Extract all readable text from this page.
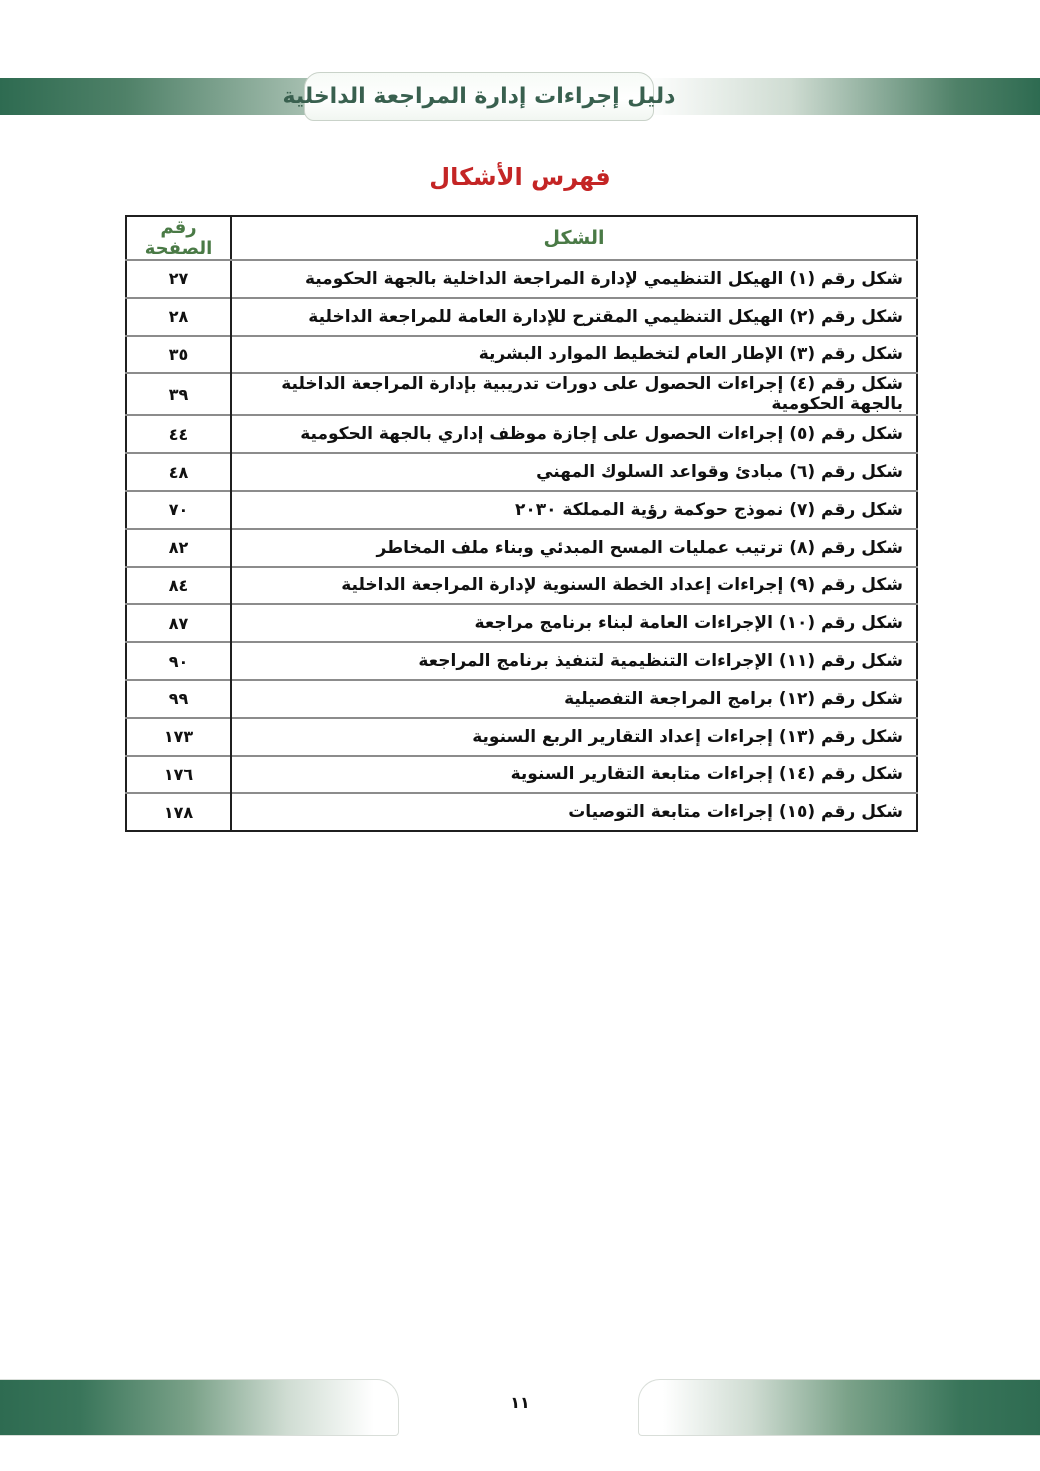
دليل إجراءات إدارة المراجعة الداخلية
فهرس الأشكال
الشكل	رقم الصفحة
شكل رقم (١) الهيكل التنظيمي لإدارة المراجعة الداخلية بالجهة الحكومية	٢٧
شكل رقم (٢) الهيكل التنظيمي المقترح للإدارة العامة للمراجعة الداخلية	٢٨
شكل رقم (٣) الإطار العام لتخطيط الموارد البشرية	٣٥
شكل رقم (٤) إجراءات الحصول على دورات تدريبية بإدارة المراجعة الداخلية بالجهة الحكومية	٣٩
شكل رقم (٥) إجراءات الحصول على إجازة موظف إداري بالجهة الحكومية	٤٤
شكل رقم (٦) مبادئ وقواعد السلوك المهني	٤٨
شكل رقم (٧) نموذج حوكمة رؤية المملكة ٢٠٣٠	٧٠
شكل رقم (٨) ترتيب عمليات المسح المبدئي وبناء ملف المخاطر	٨٢
شكل رقم (٩) إجراءات إعداد الخطة السنوية لإدارة المراجعة الداخلية	٨٤
شكل رقم (١٠) الإجراءات العامة لبناء برنامج مراجعة	٨٧
شكل رقم (١١) الإجراءات التنظيمية لتنفيذ برنامج المراجعة	٩٠
شكل رقم (١٢) برامج المراجعة التفصيلية	٩٩
شكل رقم (١٣) إجراءات إعداد التقارير الربع السنوية	١٧٣
شكل رقم (١٤) إجراءات متابعة التقارير السنوية	١٧٦
شكل رقم (١٥) إجراءات متابعة التوصيات	١٧٨
١١
